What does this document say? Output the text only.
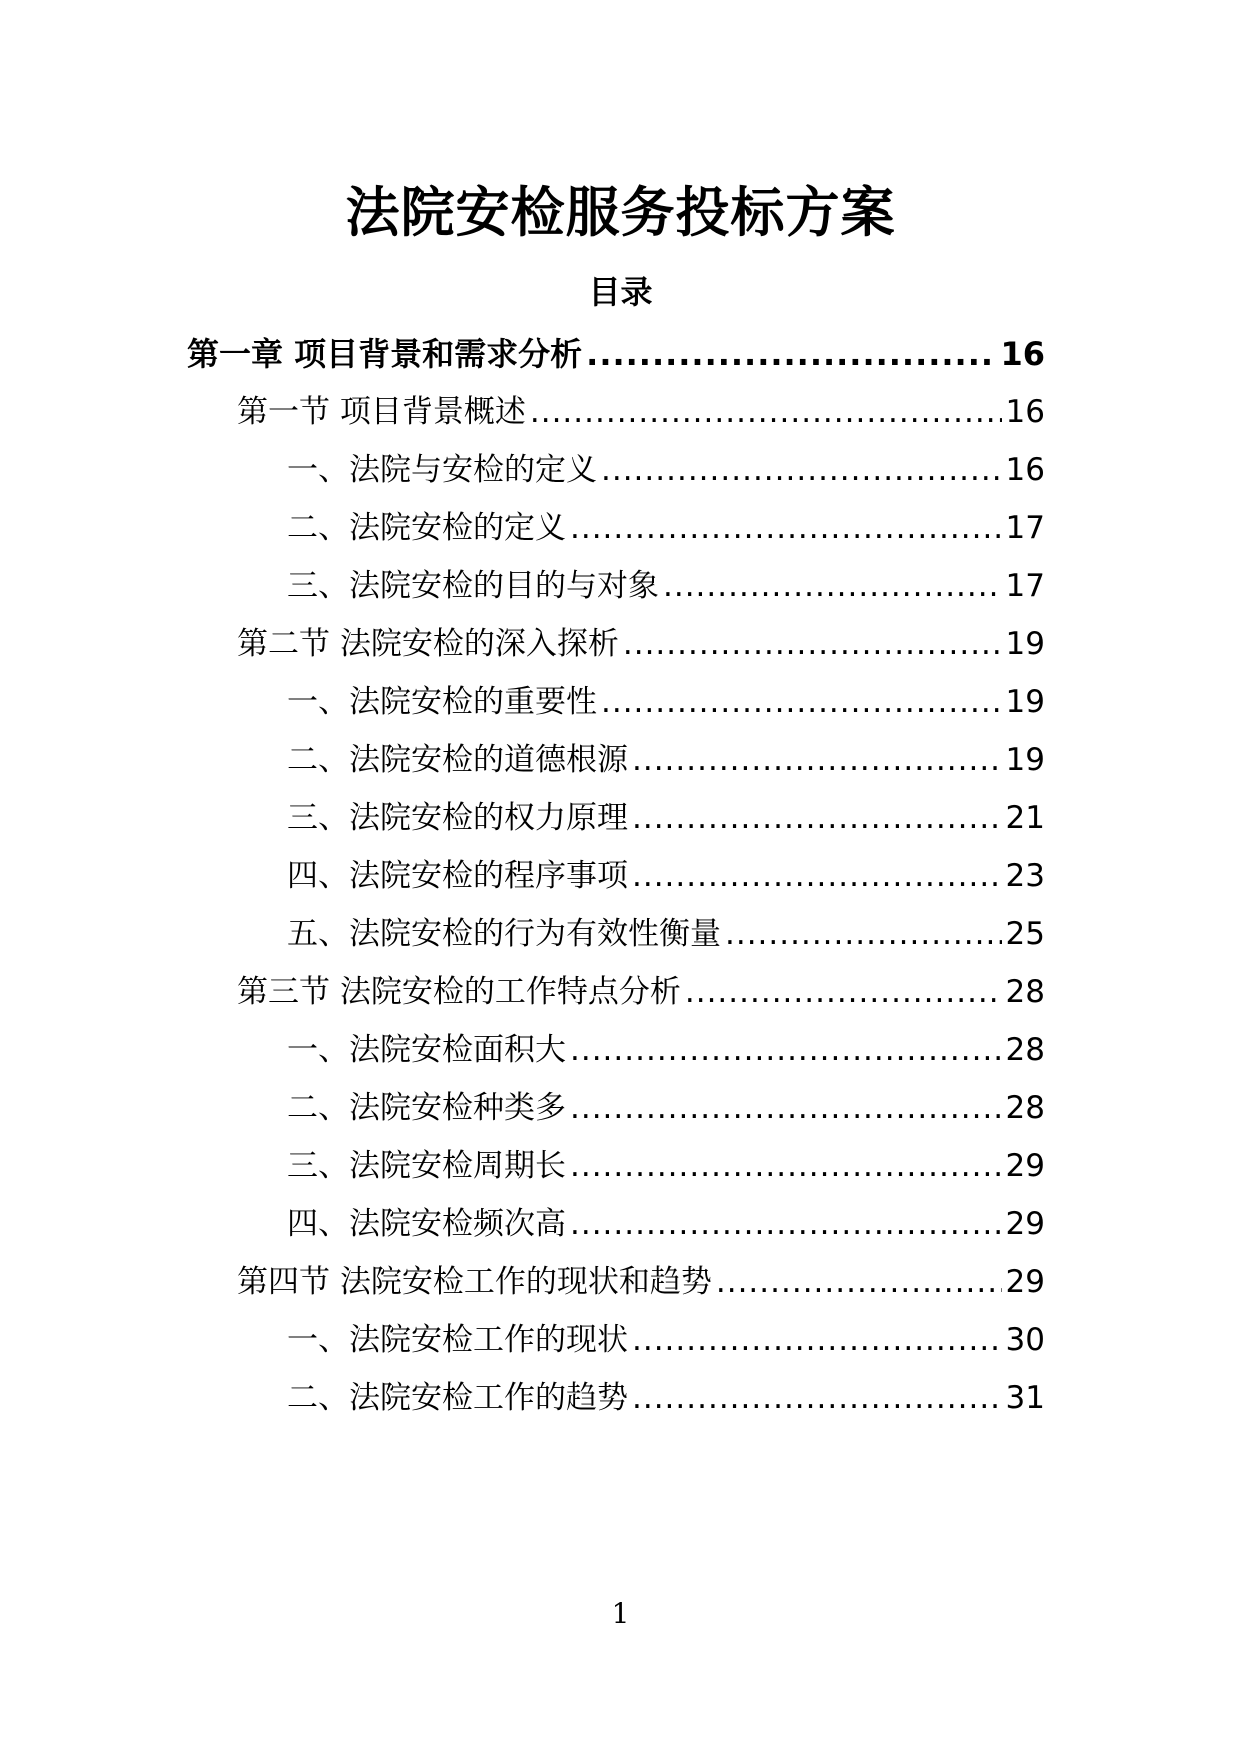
法院安检服务投标方案
目录
第一章 项目背景和需求分析 .....	16
第一节 项目背景概述 .....	16
一、法院与安检的定义 .....	16
二、法院安检的定义 .....	17
三、法院安检的目的与对象 .....	17
第二节 法院安检的深入探析 .....	19
一、法院安检的重要性 .....	19
二、法院安检的道德根源 .....	19
三、法院安检的权力原理 .....	21
四、法院安检的程序事项 .....	23
五、法院安检的行为有效性衡量 .....	25
第三节 法院安检的工作特点分析 .....	28
一、法院安检面积大 .....	28
二、法院安检种类多 .....	28
三、法院安检周期长 .....	29
四、法院安检频次高 .....	29
第四节 法院安检工作的现状和趋势 .....	29
一、法院安检工作的现状 .....	30
二、法院安检工作的趋势 .....	31
1
